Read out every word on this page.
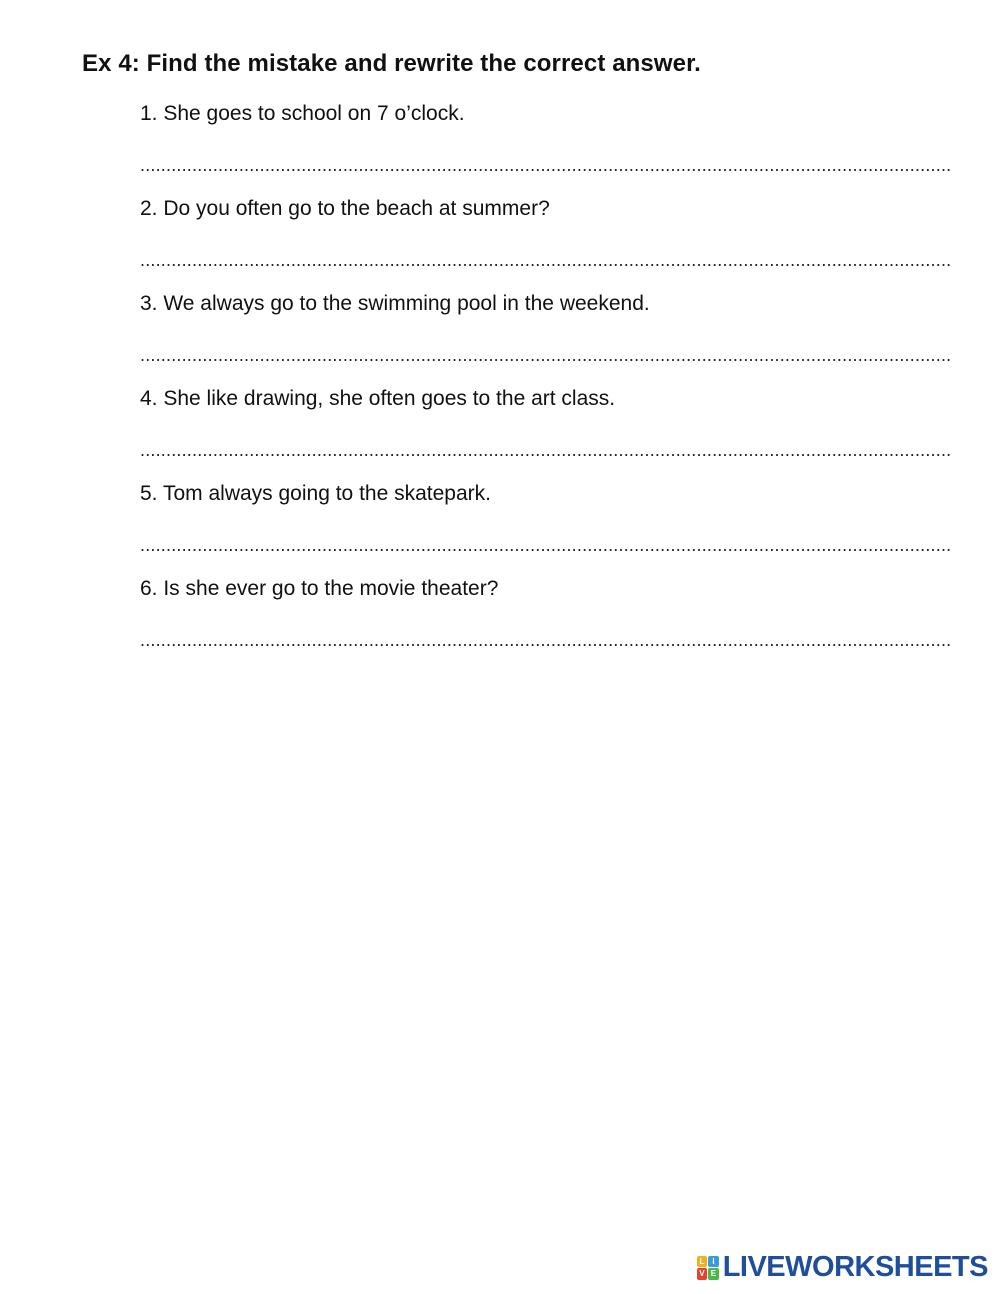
Ex 4: Find the mistake and rewrite the correct answer.
1. She goes to school on 7 o’clock.
............................................................................................................................................................
2. Do you often go to the beach at summer?
............................................................................................................................................................
3. We always go to the swimming pool in the weekend.
............................................................................................................................................................
4. She like drawing, she often goes to the art class.
............................................................................................................................................................
5. Tom always going to the skatepark.
............................................................................................................................................................
6. Is she ever go to the movie theater?
............................................................................................................................................................
L I
V E LIVEWORKSHEETS
